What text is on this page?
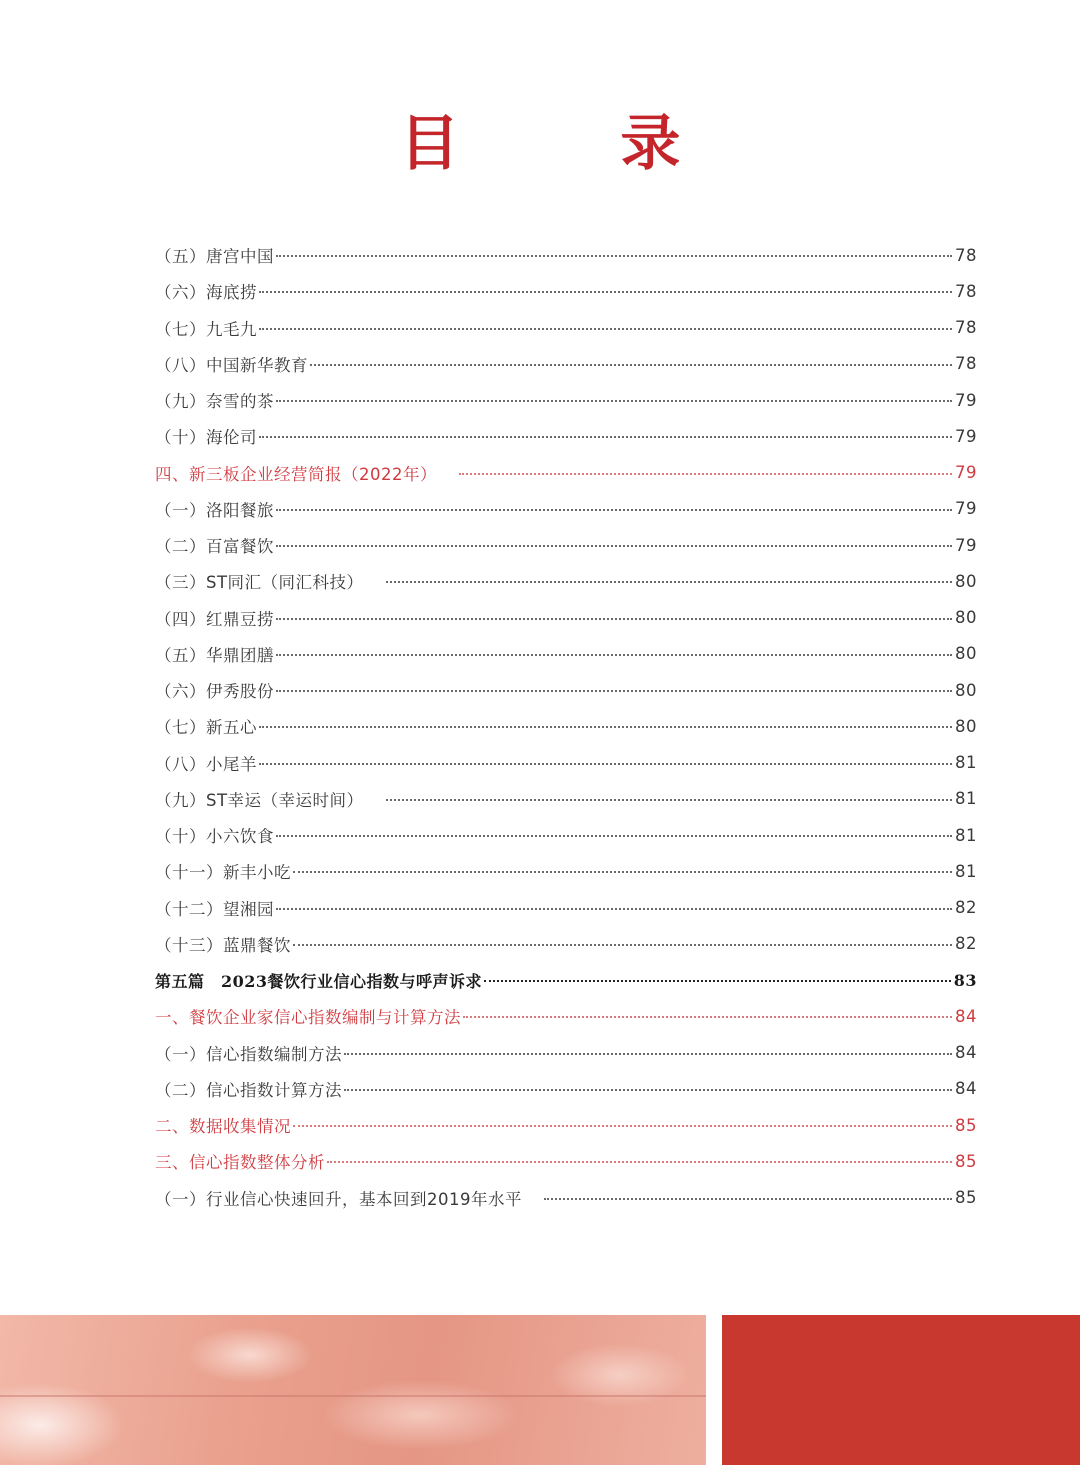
目 录
（五）唐宫中国	78
（六）海底捞	78
（七）九毛九	78
（八）中国新华教育	78
（九）奈雪的茶	79
（十）海伦司	79
四、新三板企业经营简报（2022年）	79
（一）洛阳餐旅	79
（二）百富餐饮	79
（三）ST同汇（同汇科技）	80
（四）红鼎豆捞	80
（五）华鼎团膳	80
（六）伊秀股份	80
（七）新五心	80
（八）小尾羊	81
（九）ST幸运（幸运时间）	81
（十）小六饮食	81
（十一）新丰小吃	81
（十二）望湘园	82
（十三）蓝鼎餐饮	82
第五篇　2023餐饮行业信心指数与呼声诉求	83
一、餐饮企业家信心指数编制与计算方法	84
（一）信心指数编制方法	84
（二）信心指数计算方法	84
二、数据收集情况	85
三、信心指数整体分析	85
（一）行业信心快速回升，基本回到2019年水平	85
